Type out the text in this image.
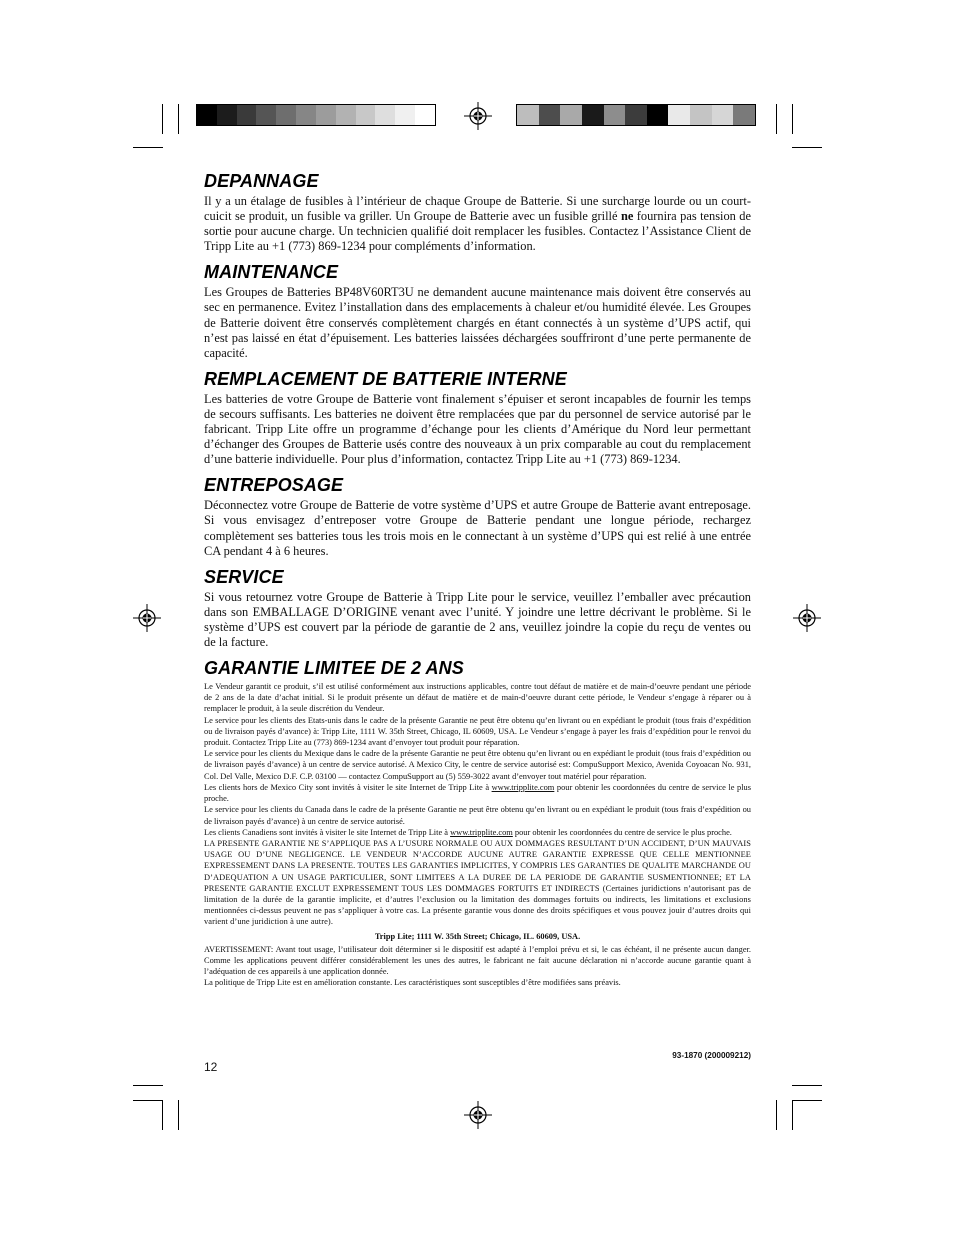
DEPANNAGE

Il y a un étalage de fusibles à l’intérieur de chaque Groupe de Batterie. Si une surcharge lourde ou un court-cuicit se produit, un fusible va griller. Un Groupe de Batterie avec un fusible grillé ne fournira pas tension de sortie pour aucune charge. Un technicien qualifié doit remplacer les fusibles. Contactez l’Assistance Client de Tripp Lite au +1 (773) 869-1234 pour compléments d’information.

MAINTENANCE

Les Groupes de Batteries BP48V60RT3U ne demandent aucune maintenance mais doivent être conservés au sec en permanence. Evitez l’installation dans des emplacements à chaleur et/ou humidité élevée. Les Groupes de Batterie doivent être conservés complètement chargés en étant connectés à un système d’UPS actif, qui n’est pas laissé en état d’épuisement. Les batteries laissées déchargées souffriront d’une perte permanente de capacité.

REMPLACEMENT DE BATTERIE INTERNE

Les batteries de votre Groupe de Batterie vont finalement s’épuiser et seront incapables de fournir les temps de secours suffisants. Les batteries ne doivent être remplacées que par du personnel de service autorisé par le fabricant. Tripp Lite offre un programme d’échange pour les clients d’Amérique du Nord leur permettant d’échanger des Groupes de Batterie usés contre des nouveaux à un prix comparable au cout du remplacement d’une batterie individuelle. Pour plus d’information, contactez Tripp Lite au +1 (773) 869-1234.

ENTREPOSAGE

Déconnectez votre Groupe de Batterie de votre système d’UPS et autre Groupe de Batterie avant entreposage. Si vous envisagez d’entreposer votre Groupe de Batterie pendant une longue période, rechargez complètement ses batteries tous les trois mois en le connectant à un système d’UPS qui est relié à une entrée CA pendant 4 à 6 heures.

SERVICE

Si vous retournez votre Groupe de Batterie à Tripp Lite pour le service, veuillez l’emballer avec précaution dans son EMBALLAGE D’ORIGINE venant avec l’unité. Y joindre une lettre décrivant le problème. Si le système d’UPS est couvert par la période de garantie de 2 ans, veuillez joindre la copie du reçu de ventes ou de la facture.

GARANTIE LIMITEE DE 2 ANS

Le Vendeur garantit ce produit, s’il est utilisé conformément aux instructions applicables, contre tout défaut de matière et de main-d’oeuvre pendant une période de 2 ans de la date d’achat initial. Si le produit présente un défaut de matière et de main-d’oeuvre durant cette période, le Vendeur s’engage à réparer ou à remplacer le produit, à la seule discrétion du Vendeur.

Le service pour les clients des Etats-unis dans le cadre de la présente Garantie ne peut être obtenu qu’en livrant ou en expédiant le produit (tous frais d’expédition ou de livraison payés d’avance) à: Tripp Lite, 1111 W. 35th Street, Chicago, IL 60609, USA. Le Vendeur s’engage à payer les frais d’expédition pour le renvoi du produit. Contactez Tripp Lite au (773) 869-1234 avant d’envoyer tout produit pour réparation.

Le service pour les clients du Mexique dans le cadre de la présente Garantie ne peut être obtenu qu’en livrant ou en expédiant le produit (tous frais d’expédition ou de livraison payés d’avance) à un centre de service autorisé. A Mexico City, le centre de service autorisé est: CompuSupport Mexico, Avenida Coyoacan No. 931, Col. Del Valle, Mexico D.F. C.P. 03100 — contactez CompuSupport au (5) 559-3022 avant d’envoyer tout matériel pour réparation.

Les clients hors de Mexico City sont invités à visiter le site Internet de Tripp Lite à www.tripplite.com pour obtenir les coordonnées du centre de service le plus proche.

Le service pour les clients du Canada dans le cadre de la présente Garantie ne peut être obtenu qu’en livrant ou en expédiant le produit (tous frais d’expédition ou de livraison payés d’avance) à un centre de service autorisé.

Les clients Canadiens sont invités à visiter le site Internet de Tripp Lite à www.tripplite.com pour obtenir les coordonnées du centre de service le plus proche.

LA PRESENTE GARANTIE NE S’APPLIQUE PAS A L’USURE NORMALE OU AUX DOMMAGES RESULTANT D’UN ACCIDENT, D’UN MAUVAIS USAGE OU D’UNE NEGLIGENCE. LE VENDEUR N’ACCORDE AUCUNE AUTRE GARANTIE EXPRESSE QUE CELLE MENTIONNEE EXPRESSEMENT DANS LA PRESENTE. TOUTES LES GARANTIES IMPLICITES, Y COMPRIS LES GARANTIES DE QUALITE MARCHANDE OU D’ADEQUATION A UN USAGE PARTICULIER, SONT LIMITEES A LA DUREE DE LA PERIODE DE GARANTIE SUSMENTIONNEE; ET LA PRESENTE GARANTIE EXCLUT EXPRESSEMENT TOUS LES DOMMAGES FORTUITS ET INDIRECTS (Certaines juridictions n’autorisant pas de limitation de la durée de la garantie implicite, et d’autres l’exclusion ou la limitation des dommages fortuits ou indirects, les limitations et exclusions mentionnées ci-dessus peuvent ne pas s’appliquer à votre cas. La présente garantie vous donne des droits spécifiques et vous pouvez jouir d’autres droits qui varient d’une juridiction à une autre).

Tripp Lite; 1111 W. 35th Street; Chicago, IL. 60609, USA.

AVERTISSEMENT: Avant tout usage, l’utilisateur doit déterminer si le dispositif est adapté à l’emploi prévu et si, le cas échéant, il ne présente aucun danger. Comme les applications peuvent différer considérablement les unes des autres, le fabricant ne fait aucune déclaration ni n’accorde aucune garantie quant à l’adéquation de ces appareils à une application donnée.

La politique de Tripp Lite est en amélioration constante. Les caractéristiques sont susceptibles d’être modifiées sans préavis.

12
93-1870 (200009212)
